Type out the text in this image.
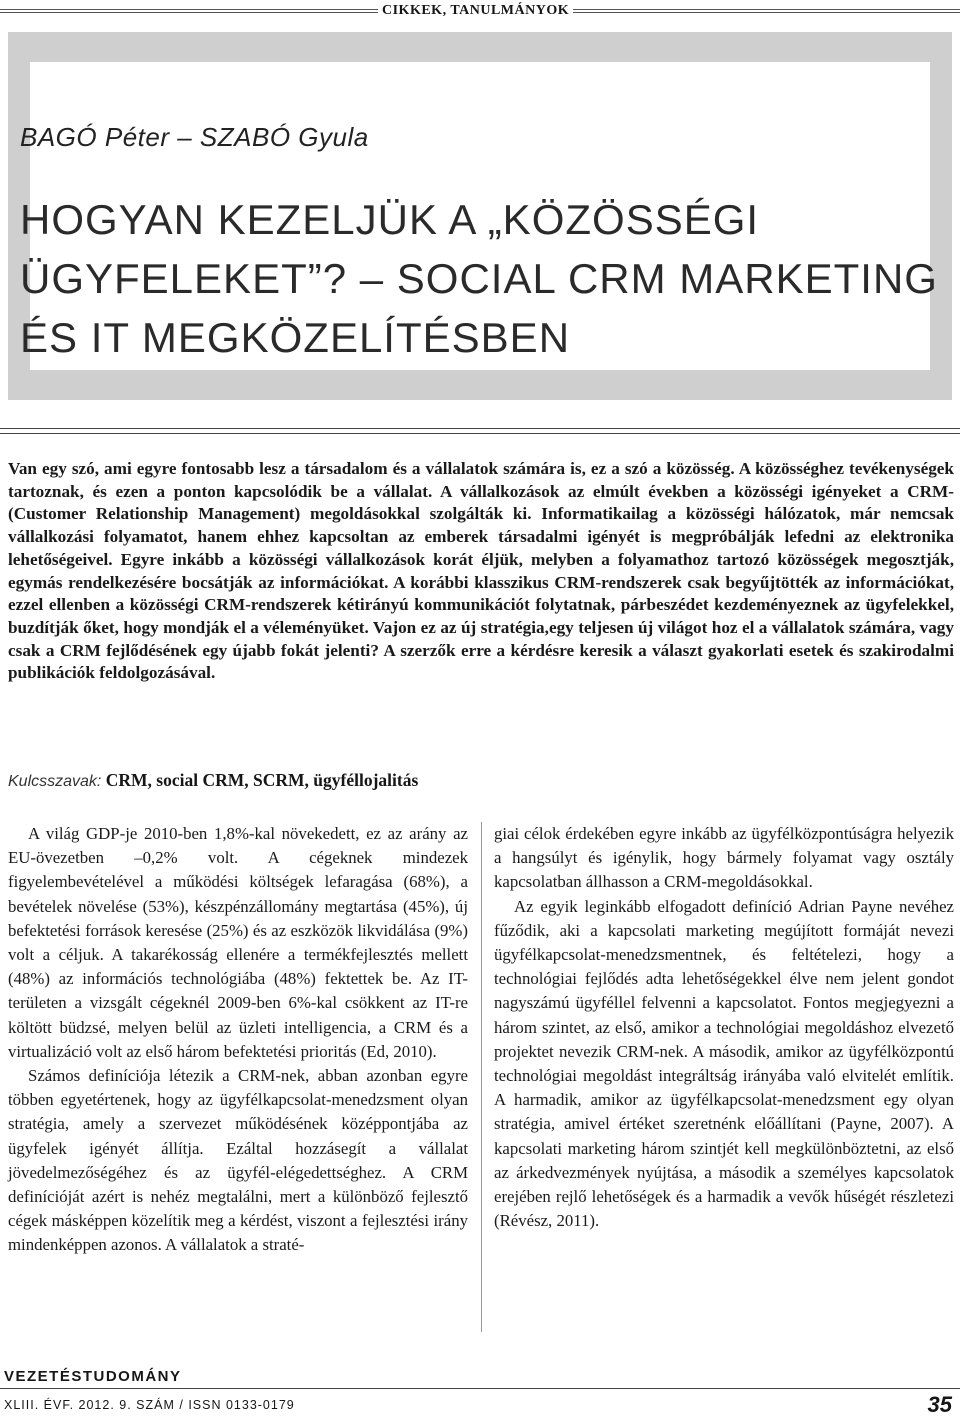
CIKKEK, TANULMÁNYOK
BAGÓ Péter – SZABÓ Gyula
HOGYAN KEZELJÜK A „KÖZÖSSÉGI
ÜGYFELEKET”? – SOCIAL CRM MARKETING
ÉS IT MEGKÖZELÍTÉSBEN

Van egy szó, ami egyre fontosabb lesz a társadalom és a vállalatok számára is, ez a szó a közösség. A közösséghez tevékenységek tartoznak, és ezen a ponton kapcsolódik be a vállalat. A vállalkozások az elmúlt években a közösségi igényeket a CRM-(Customer Relationship Management) megoldásokkal szolgálták ki. Informatikailag a közösségi hálózatok, már nemcsak vállalkozási folyamatot, hanem ehhez kapcsoltan az emberek társadalmi igényét is megpróbálják lefedni az elektronika lehetőségeivel. Egyre inkább a közösségi vállalkozások korát éljük, melyben a folyamathoz tartozó közösségek megosztják, egymás rendelkezésére bocsátják az információkat. A korábbi klasszikus CRM-rendszerek csak begyűjtötték az információkat, ezzel ellenben a közösségi CRM-rendszerek kétirányú kommunikációt folytatnak, párbeszédet kezdeményeznek az ügyfelekkel, buzdítják őket, hogy mondják el a véleményüket. Vajon ez az új stratégia,egy teljesen új világot hoz el a vállalatok számára, vagy csak a CRM fejlődésének egy újabb fokát jelenti? A szerzők erre a kérdésre keresik a választ gyakorlati esetek és szakirodalmi publikációk feldolgozásával.

Kulcsszavak: CRM, social CRM, SCRM, ügyféllojalitás

A világ GDP-je 2010-ben 1,8%-kal növekedett, ez az arány az EU-övezetben –0,2% volt. A cégeknek mindezek figyelembevételével a működési költségek lefaragása (68%), a bevételek növelése (53%), készpénzállomány megtartása (45%), új befektetési források keresése (25%) és az eszközök likvidálása (9%) volt a céljuk. A takarékosság ellenére a termékfejlesztés mellett (48%) az információs technológiába (48%) fektettek be. Az IT-területen a vizsgált cégeknél 2009-ben 6%-kal csökkent az IT-re költött büdzsé, melyen belül az üzleti intelligencia, a CRM és a virtualizáció volt az első három befektetési prioritás (Ed, 2010).

Számos definíciója létezik a CRM-nek, abban azonban egyre többen egyetértenek, hogy az ügyfélkapcsolat-menedzsment olyan stratégia, amely a szervezet működésének középpontjába az ügyfelek igényét állítja. Ezáltal hozzásegít a vállalat jövedelmezőségéhez és az ügyfél-elégedettséghez. A CRM definícióját azért is nehéz megtalálni, mert a különböző fejlesztő cégek másképpen közelítik meg a kérdést, viszont a fejlesztési irány mindenképpen azonos. A vállalatok a straté-

giai célok érdekében egyre inkább az ügyfélközpontúságra helyezik a hangsúlyt és igénylik, hogy bármely folyamat vagy osztály kapcsolatban állhasson a CRM-megoldásokkal.

Az egyik leginkább elfogadott definíció Adrian Payne nevéhez fűződik, aki a kapcsolati marketing megújított formáját nevezi ügyfélkapcsolat-menedzsmentnek, és feltételezi, hogy a technológiai fejlődés adta lehetőségekkel élve nem jelent gondot nagyszámú ügyféllel felvenni a kapcsolatot. Fontos megjegyezni a három szintet, az első, amikor a technológiai megoldáshoz elvezető projektet nevezik CRM-nek. A második, amikor az ügyfélközpontú technológiai megoldást integráltság irányába való elvitelét említik. A harmadik, amikor az ügyfélkapcsolat-menedzsment egy olyan stratégia, amivel értéket szeretnénk előállítani (Payne, 2007). A kapcsolati marketing három szintjét kell megkülönböztetni, az első az árkedvezmények nyújtása, a második a személyes kapcsolatok erejében rejlő lehetőségek és a harmadik a vevők hűségét részletezi (Révész, 2011).

VEZETÉSTUDOMÁNY
XLIII. ÉVF. 2012. 9. SZÁM / ISSN 0133-0179	35
